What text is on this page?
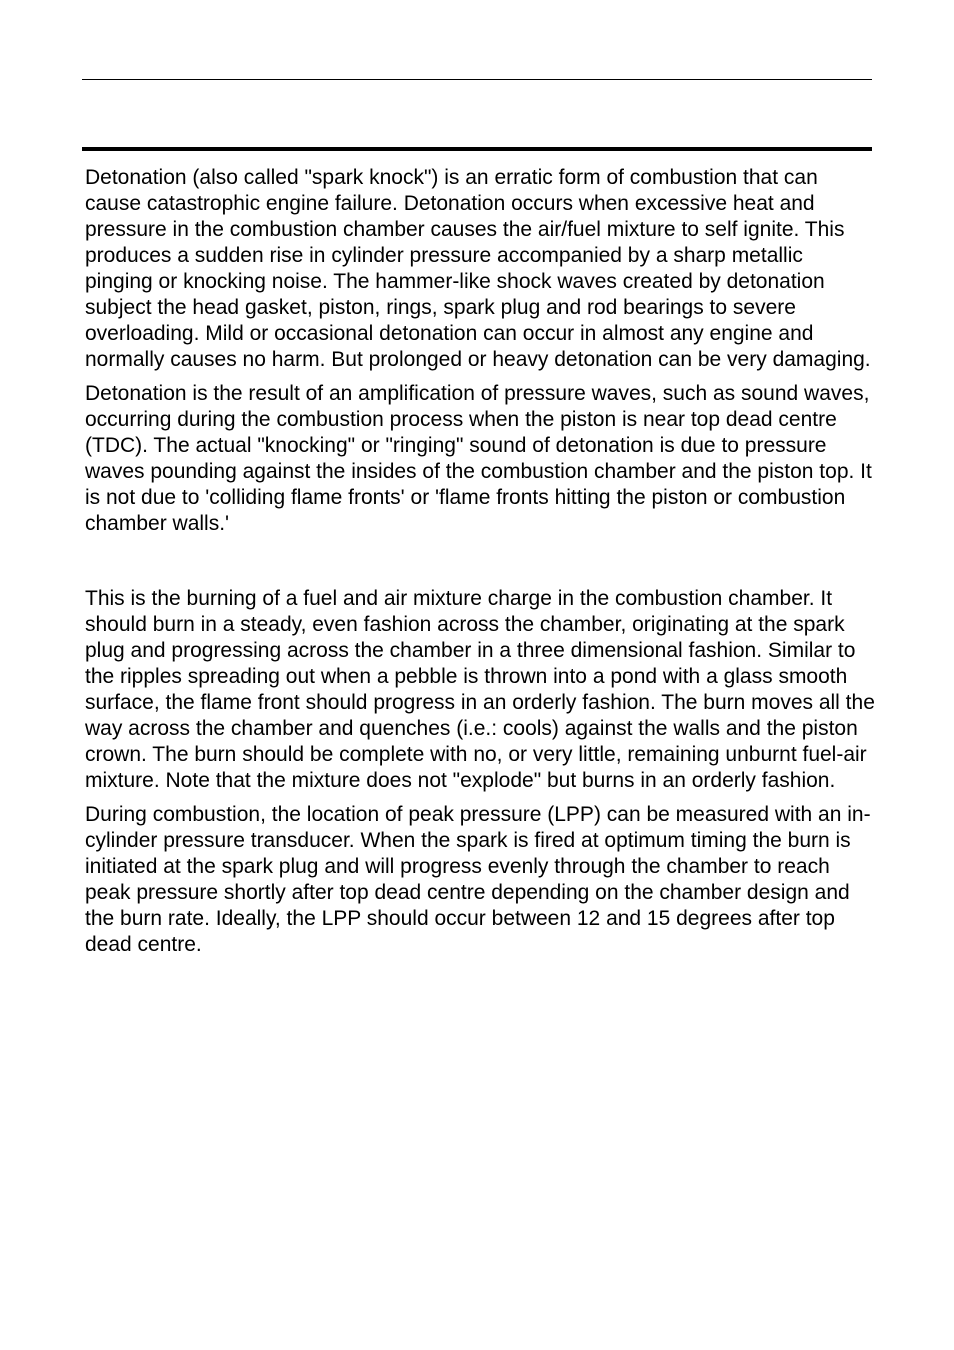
Detonation (also called "spark knock") is an erratic form of combustion that can cause catastrophic engine failure. Detonation occurs when excessive heat and pressure in the combustion chamber causes the air/fuel mixture to self ignite. This produces a sudden rise in cylinder pressure accompanied by a sharp metallic pinging or knocking noise. The hammer-like shock waves created by detonation subject the head gasket, piston, rings, spark plug and rod bearings to severe overloading. Mild or occasional detonation can occur in almost any engine and normally causes no harm. But prolonged or heavy detonation can be very damaging.

Detonation is the result of an amplification of pressure waves, such as sound waves, occurring during the combustion process when the piston is near top dead centre (TDC). The actual "knocking" or "ringing" sound of detonation is due to pressure waves pounding against the insides of the combustion chamber and the piston top. It is not due to 'colliding flame fronts' or 'flame fronts hitting the piston or combustion chamber walls.'

This is the burning of a fuel and air mixture charge in the combustion chamber. It should burn in a steady, even fashion across the chamber, originating at the spark plug and progressing across the chamber in a three dimensional fashion. Similar to the ripples spreading out when a pebble is thrown into a pond with a glass smooth surface, the flame front should progress in an orderly fashion. The burn moves all the way across the chamber and quenches (i.e.: cools) against the walls and the piston crown. The burn should be complete with no, or very little, remaining unburnt fuel-air mixture. Note that the mixture does not "explode" but burns in an orderly fashion.

During combustion, the location of peak pressure (LPP) can be measured with an in-cylinder pressure transducer. When the spark is fired at optimum timing the burn is initiated at the spark plug and will progress evenly through the chamber to reach peak pressure shortly after top dead centre depending on the chamber design and the burn rate. Ideally, the LPP should occur between 12 and 15 degrees after top dead centre.
